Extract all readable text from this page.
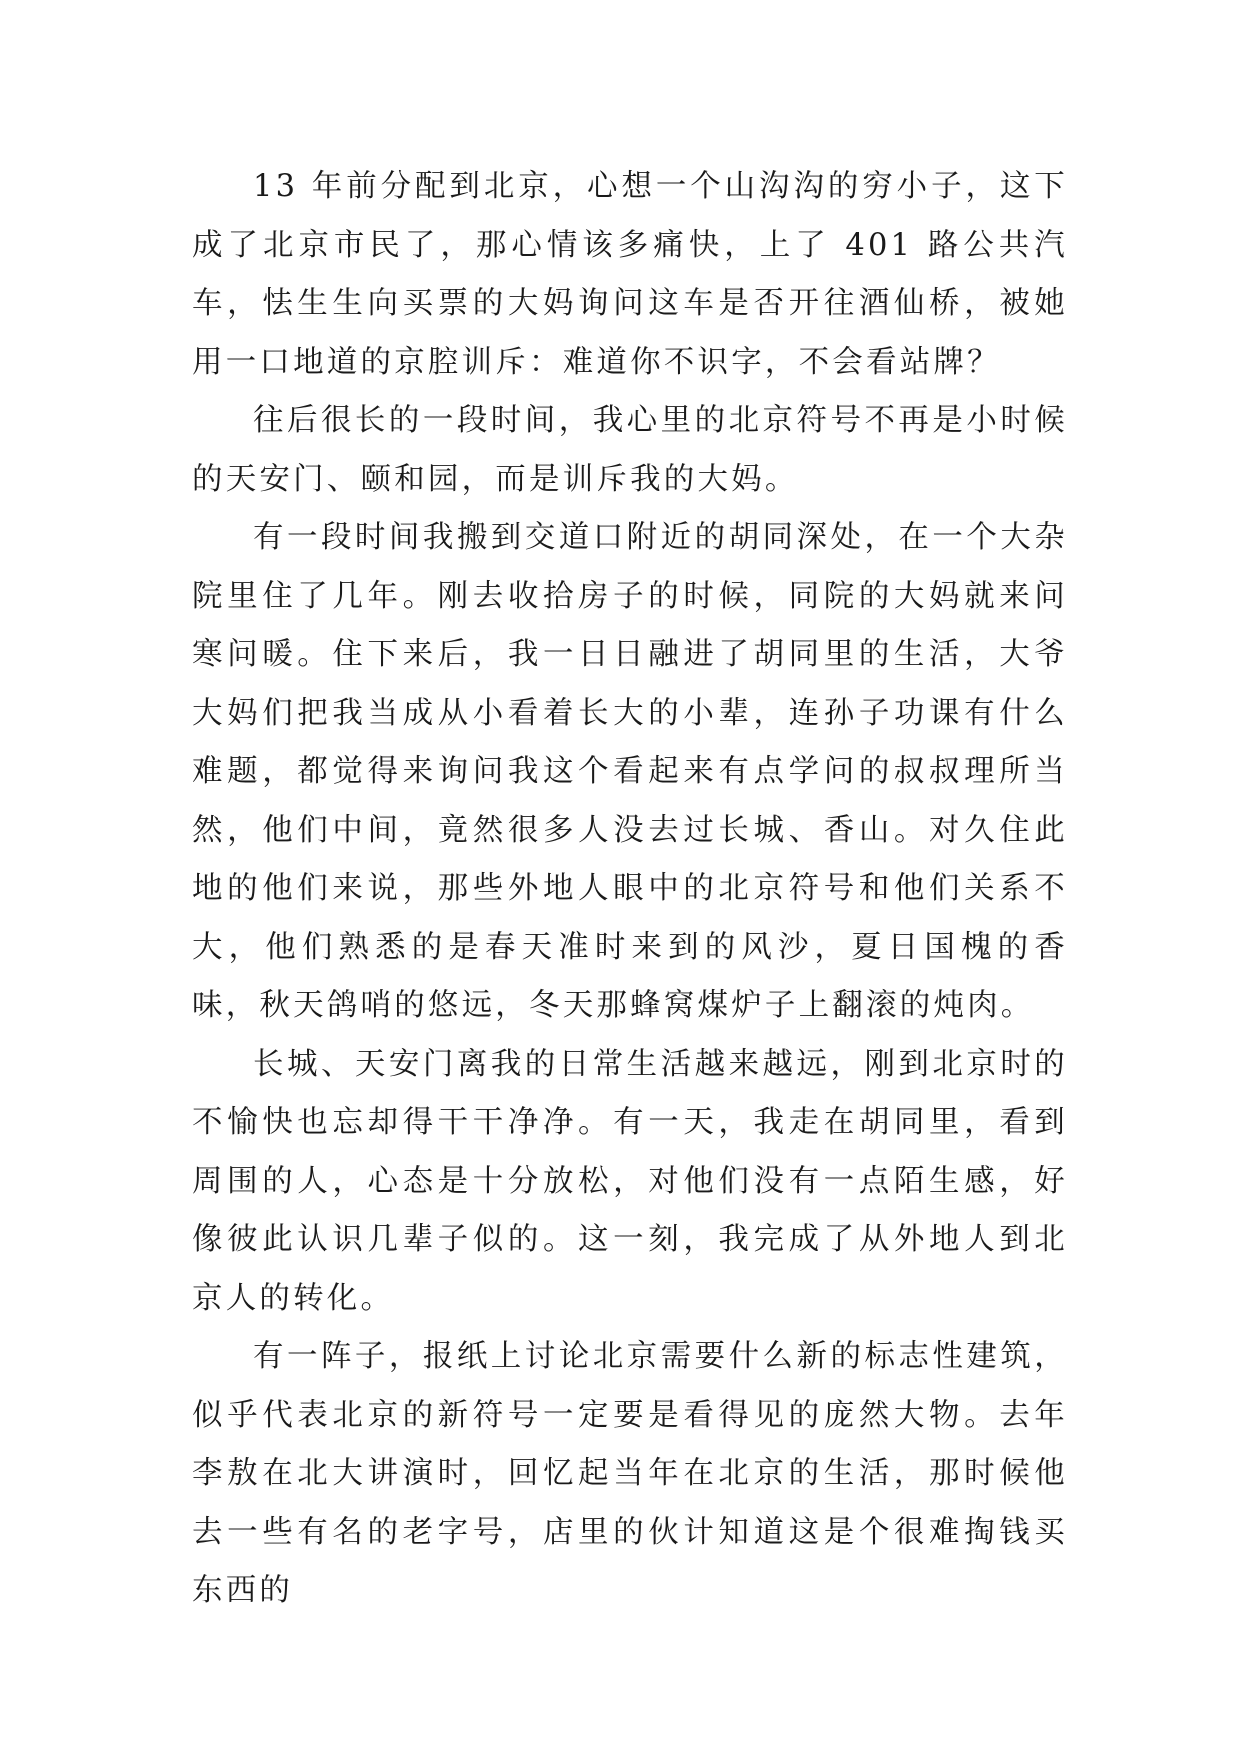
13 年前分配到北京，心想一个山沟沟的穷小子，这下成了北京市民了，那心情该多痛快，上了 401 路公共汽车，怯生生向买票的大妈询问这车是否开往酒仙桥，被她用一口地道的京腔训斥：难道你不识字，不会看站牌？

往后很长的一段时间，我心里的北京符号不再是小时候的天安门、颐和园，而是训斥我的大妈。

有一段时间我搬到交道口附近的胡同深处，在一个大杂院里住了几年。刚去收拾房子的时候，同院的大妈就来问寒问暖。住下来后，我一日日融进了胡同里的生活，大爷大妈们把我当成从小看着长大的小辈，连孙子功课有什么难题，都觉得来询问我这个看起来有点学问的叔叔理所当然，他们中间，竟然很多人没去过长城、香山。对久住此地的他们来说，那些外地人眼中的北京符号和他们关系不大，他们熟悉的是春天准时来到的风沙，夏日国槐的香味，秋天鸽哨的悠远，冬天那蜂窝煤炉子上翻滚的炖肉。

长城、天安门离我的日常生活越来越远，刚到北京时的不愉快也忘却得干干净净。有一天，我走在胡同里，看到周围的人，心态是十分放松，对他们没有一点陌生感，好像彼此认识几辈子似的。这一刻，我完成了从外地人到北京人的转化。

有一阵子，报纸上讨论北京需要什么新的标志性建筑，似乎代表北京的新符号一定要是看得见的庞然大物。去年李敖在北大讲演时，回忆起当年在北京的生活，那时候他去一些有名的老字号，店里的伙计知道这是个很难掏钱买东西的
